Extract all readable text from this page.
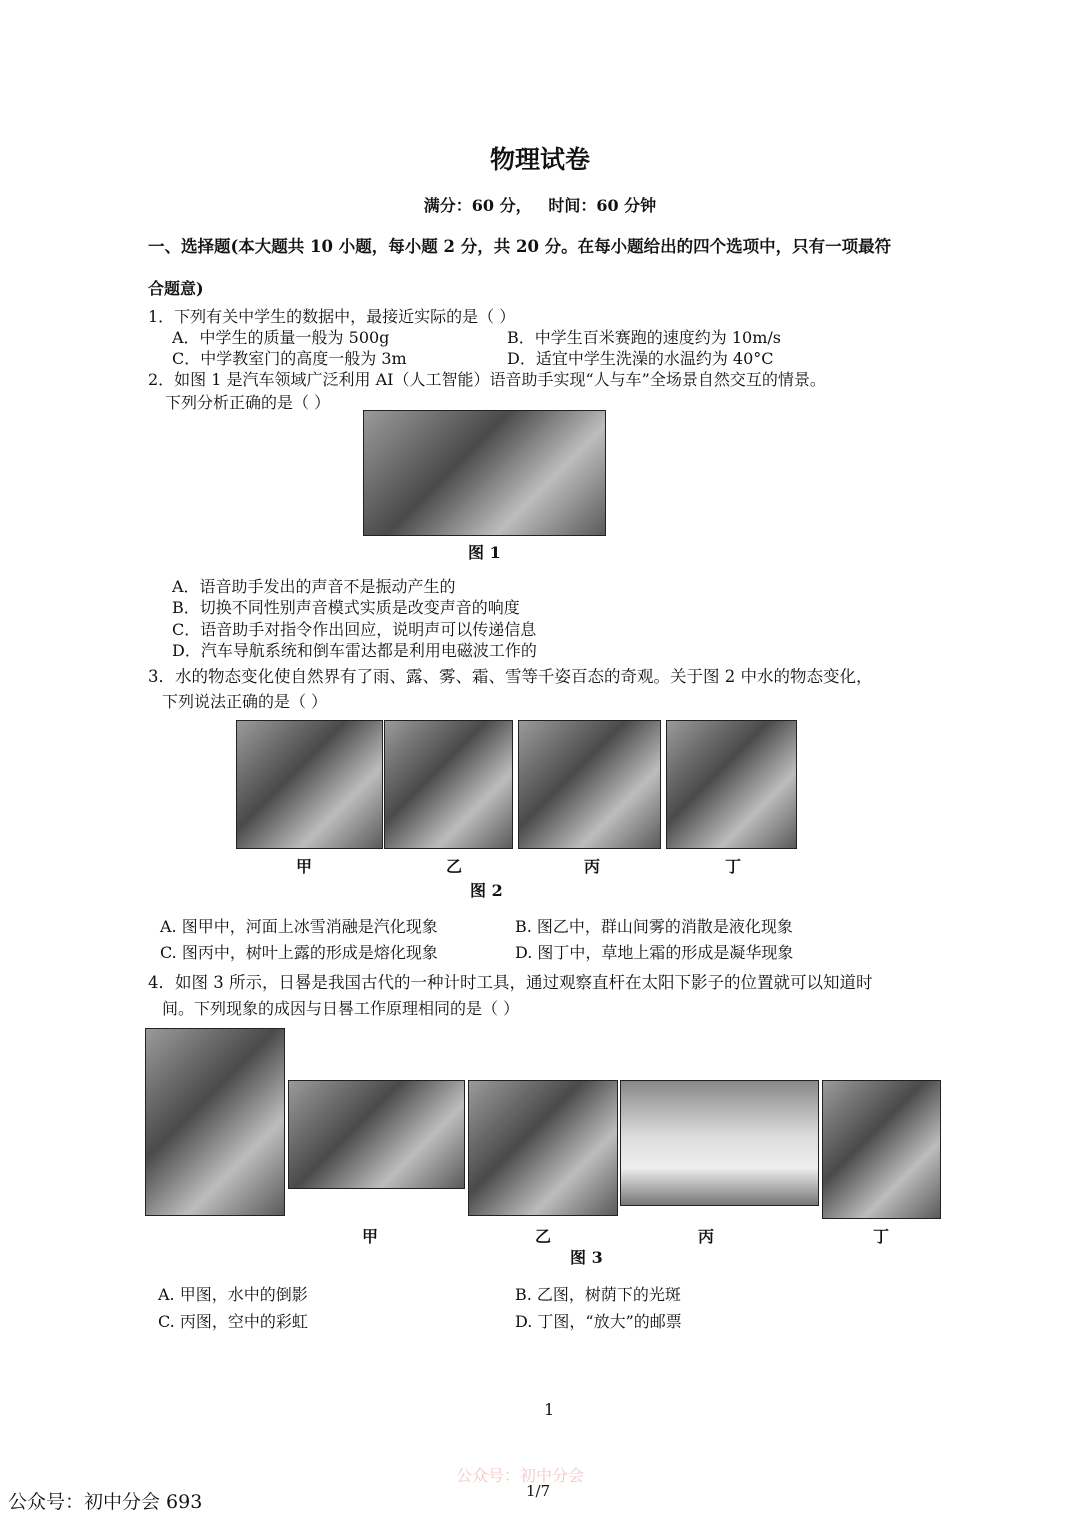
物理试卷
满分：60 分，   时间：60 分钟
一、选择题(本大题共 10 小题，每小题 2 分，共 20 分。在每小题给出的四个选项中，只有一项最符
合题意)
1．下列有关中学生的数据中，最接近实际的是（ ）
A．中学生的质量一般为 500g	B．中学生百米赛跑的速度约为 10m/s
C．中学教室门的高度一般为 3m	D．适宜中学生洗澡的水温约为 40°C
2．如图 1 是汽车领域广泛利用 AI（人工智能）语音助手实现“人与车”全场景自然交互的情景。
下列分析正确的是（ ）
图 1
A．语音助手发出的声音不是振动产生的
B．切换不同性别声音模式实质是改变声音的响度
C．语音助手对指令作出回应，说明声可以传递信息
D．汽车导航系统和倒车雷达都是利用电磁波工作的
3．水的物态变化使自然界有了雨、露、雾、霜、雪等千姿百态的奇观。关于图 2 中水的物态变化，
下列说法正确的是（ ）
甲	乙	丙	丁
图 2
A. 图甲中，河面上冰雪消融是汽化现象	B. 图乙中，群山间雾的消散是液化现象
C. 图丙中，树叶上露的形成是熔化现象	D. 图丁中，草地上霜的形成是凝华现象
4．如图 3 所示，日晷是我国古代的一种计时工具，通过观察直杆在太阳下影子的位置就可以知道时
间。下列现象的成因与日晷工作原理相同的是（ ）
甲	乙	丙	丁
图 3
A. 甲图，水中的倒影	B. 乙图，树荫下的光斑
C. 丙图，空中的彩虹	D. 丁图，“放大”的邮票
1
公众号：初中分会
1/7
公众号：初中分会 693
